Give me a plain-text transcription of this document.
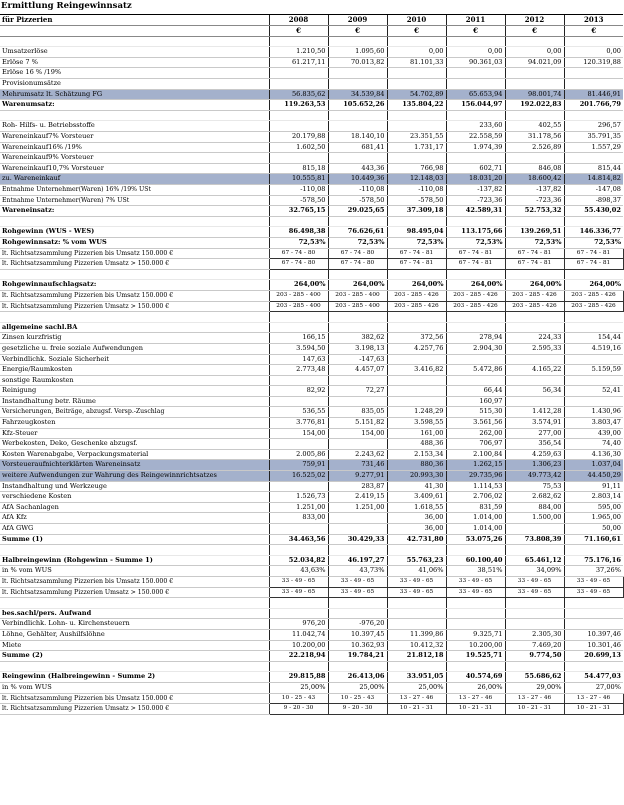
Ermittlung Reingewinnsatz
für Pizzerien	2008	2009	2010	2011	2012	2013
	€	€	€	€	€	€

Umsatzerlöse	1.210,50	1.095,60	0,00	0,00	0,00	0,00
Erlöse 7 %	61.217,11	70.013,82	81.101,33	90.361,03	94.021,09	120.319,88
Erlöse 16 % /19%						
Provisionumsätze						
Mehrumsatz lt. Schätzung FG	56.835,62	34.539,84	54.702,89	65.653,94	98.001,74	81.446,91
Warenumsatz:	119.263,53	105.652,26	135.804,22	156.044,97	192.022,83	201.766,79

Roh- Hilfs- u. Betriebsstoffe				233,60	402,55	296,57
Wareneinkauf7% Vorsteuer	20.179,88	18.140,10	23.351,55	22.558,59	31.178,56	35.791,35
Wareneinkauf16% /19%	1.602,50	681,41	1.731,17	1.974,39	2.526,89	1.557,29
Wareneinkauf9% Vorsteuer						
Wareneinkauf10,7% Vorsteuer	815,18	443,36	766,98	602,71	846,08	815,44
zu. Wareneinkauf	10.555,81	10.449,36	12.148,03	18.031,20	18.600,42	14.814,82
Entnahme Unternehmer(Waren) 16% /19% USt	-110,08	-110,08	-110,08	-137,82	-137,82	-147,08
Entnahme Unternehmer(Waren) 7% USt	-578,50	-578,50	-578,50	-723,36	-723,36	-898,37
Wareneinsatz:	32.765,15	29.025,65	37.309,18	42.589,31	52.753,32	55.430,02

Rohgewinn (WUS - WES)	86.498,38	76.626,61	98.495,04	113.175,66	139.269,51	146.336,77
Rohgewinnsatz: % vom WUS	72,53%	72,53%	72,53%	72,53%	72,53%	72,53%
lt. Richtsatzsammlung Pizzerien bis Umsatz 150.000 €	67 - 74 - 80	67 - 74 - 80	67 - 74 - 81	67 - 74 - 81	67 - 74 - 81	67 - 74 - 81
lt. Richtsatzsammlung Pizzerien Umsatz > 150.000 €	67 - 74 - 80	67 - 74 - 80	67 - 74 - 81	67 - 74 - 81	67 - 74 - 81	67 - 74 - 81

Rohgewinnaufschlagsatz:	264,00%	264,00%	264,00%	264,00%	264,00%	264,00%
lt. Richtsatzsammlung Pizzerien bis Umsatz 150.000 €	203 - 285 - 400	203 - 285 - 400	203 - 285 - 426	203 - 285 - 426	203 - 285 - 426	203 - 285 - 426
lt. Richtsatzsammlung Pizzerien Umsatz > 150.000 €	203 - 285 - 400	203 - 285 - 400	203 - 285 - 426	203 - 285 - 426	203 - 285 - 426	203 - 285 - 426

allgemeine sachl.BA						
Zinsen kurzfristig	166,15	382,62	372,56	278,94	224,33	154,44
gesetzliche u. freie soziale Aufwendungen	3.594,50	3.198,13	4.257,76	2.904,30	2.595,33	4.519,16
Verbindlichk. Soziale Sicherheit	147,63	-147,63				
Energie/Raumkosten	2.773,48	4.457,07	3.416,82	5.472,86	4.165,22	5.159,59
sonstige Raumkosten						
Reinigung	82,92	72,27		66,44	56,34	52,41
Instandhaltung betr. Räume				160,97		
Versicherungen, Beiträge, abzugsf. Versp.-Zuschlag	536,55	835,05	1.248,29	515,30	1.412,28	1.430,96
Fahrzeugkosten	3.776,81	5.151,82	3.598,55	3.561,56	3.574,91	3.803,47
Kfz-Steuer	154,00	154,00	161,00	262,00	277,00	439,00
Werbekosten, Deko, Geschenke abzugsf.			488,36	706,97	356,54	74,40
Kosten Warenabgabe, Verpackungsmaterial	2.005,86	2.243,62	2.153,34	2.100,84	4.259,63	4.136,30
Vorsteueraufnichterklärten Wareneinsatz	759,91	731,46	880,36	1.262,15	1.306,23	1.037,04
weitere Aufwendungen zur Wahrung des Reingewinnrichtsatzes	16.525,02	9.277,91	20.993,30	29.735,96	49.773,42	44.450,29
Instandhaltung und Werkzeuge		283,87	41,30	1.114,53	75,53	91,11
verschiedene Kosten	1.526,73	2.419,15	3.409,61	2.706,02	2.682,62	2.803,14
AfA Sachanlagen	1.251,00	1.251,00	1.618,55	831,59	884,00	595,00
AfA Kfz	833,00		36,00	1.014,00	1.500,00	1.965,00
AfA GWG			36,00	1.014,00		50,00
Summe (1)	34.463,56	30.429,33	42.731,80	53.075,26	73.808,39	71.160,61

Halbreingewinn (Rohgewinn - Summe 1)	52.034,82	46.197,27	55.763,23	60.100,40	65.461,12	75.176,16
in % vom WUS	43,63%	43,73%	41,06%	38,51%	34,09%	37,26%
lt. Richtsatzsammlung Pizzerien bis Umsatz 150.000 €	33 - 49 - 65	33 - 49 - 65	33 - 49 - 65	33 - 49 - 65	33 - 49 - 65	33 - 49 - 65
lt. Richtsatzsammlung Pizzerien Umsatz > 150.000 €	33 - 49 - 65	33 - 49 - 65	33 - 49 - 65	33 - 49 - 65	33 - 49 - 65	33 - 49 - 65

bes.sachl/pers. Aufwand						
Verbindlichk. Lohn- u. Kirchensteuern	976,20	-976,20				
Löhne, Gehälter, Aushilfslöhne	11.042,74	10.397,45	11.399,86	9.325,71	2.305,30	10.397,46
Miete	10.200,00	10.362,93	10.412,32	10.200,00	7.469,20	10.301,46
Summe (2)	22.218,94	19.784,21	21.812,18	19.525,71	9.774,50	20.699,13

Reingewinn (Halbreingewinn - Summe 2)	29.815,88	26.413,06	33.951,05	40.574,69	55.686,62	54.477,03
in % vom WUS	25,00%	25,00%	25,00%	26,00%	29,00%	27,00%
lt. Richtsatzsammlung Pizzerien bis Umsatz 150.000 €	10 - 25 - 43	10 - 25 - 43	13 - 27 - 46	13 - 27 - 46	13 - 27 - 46	13 - 27 - 46
lt. Richtsatzsammlung Pizzerien Umsatz > 150.000 €	9 - 20 - 30	9 - 20 - 30	10 - 21 - 31	10 - 21 - 31	10 - 21 - 31	10 - 21 - 31
